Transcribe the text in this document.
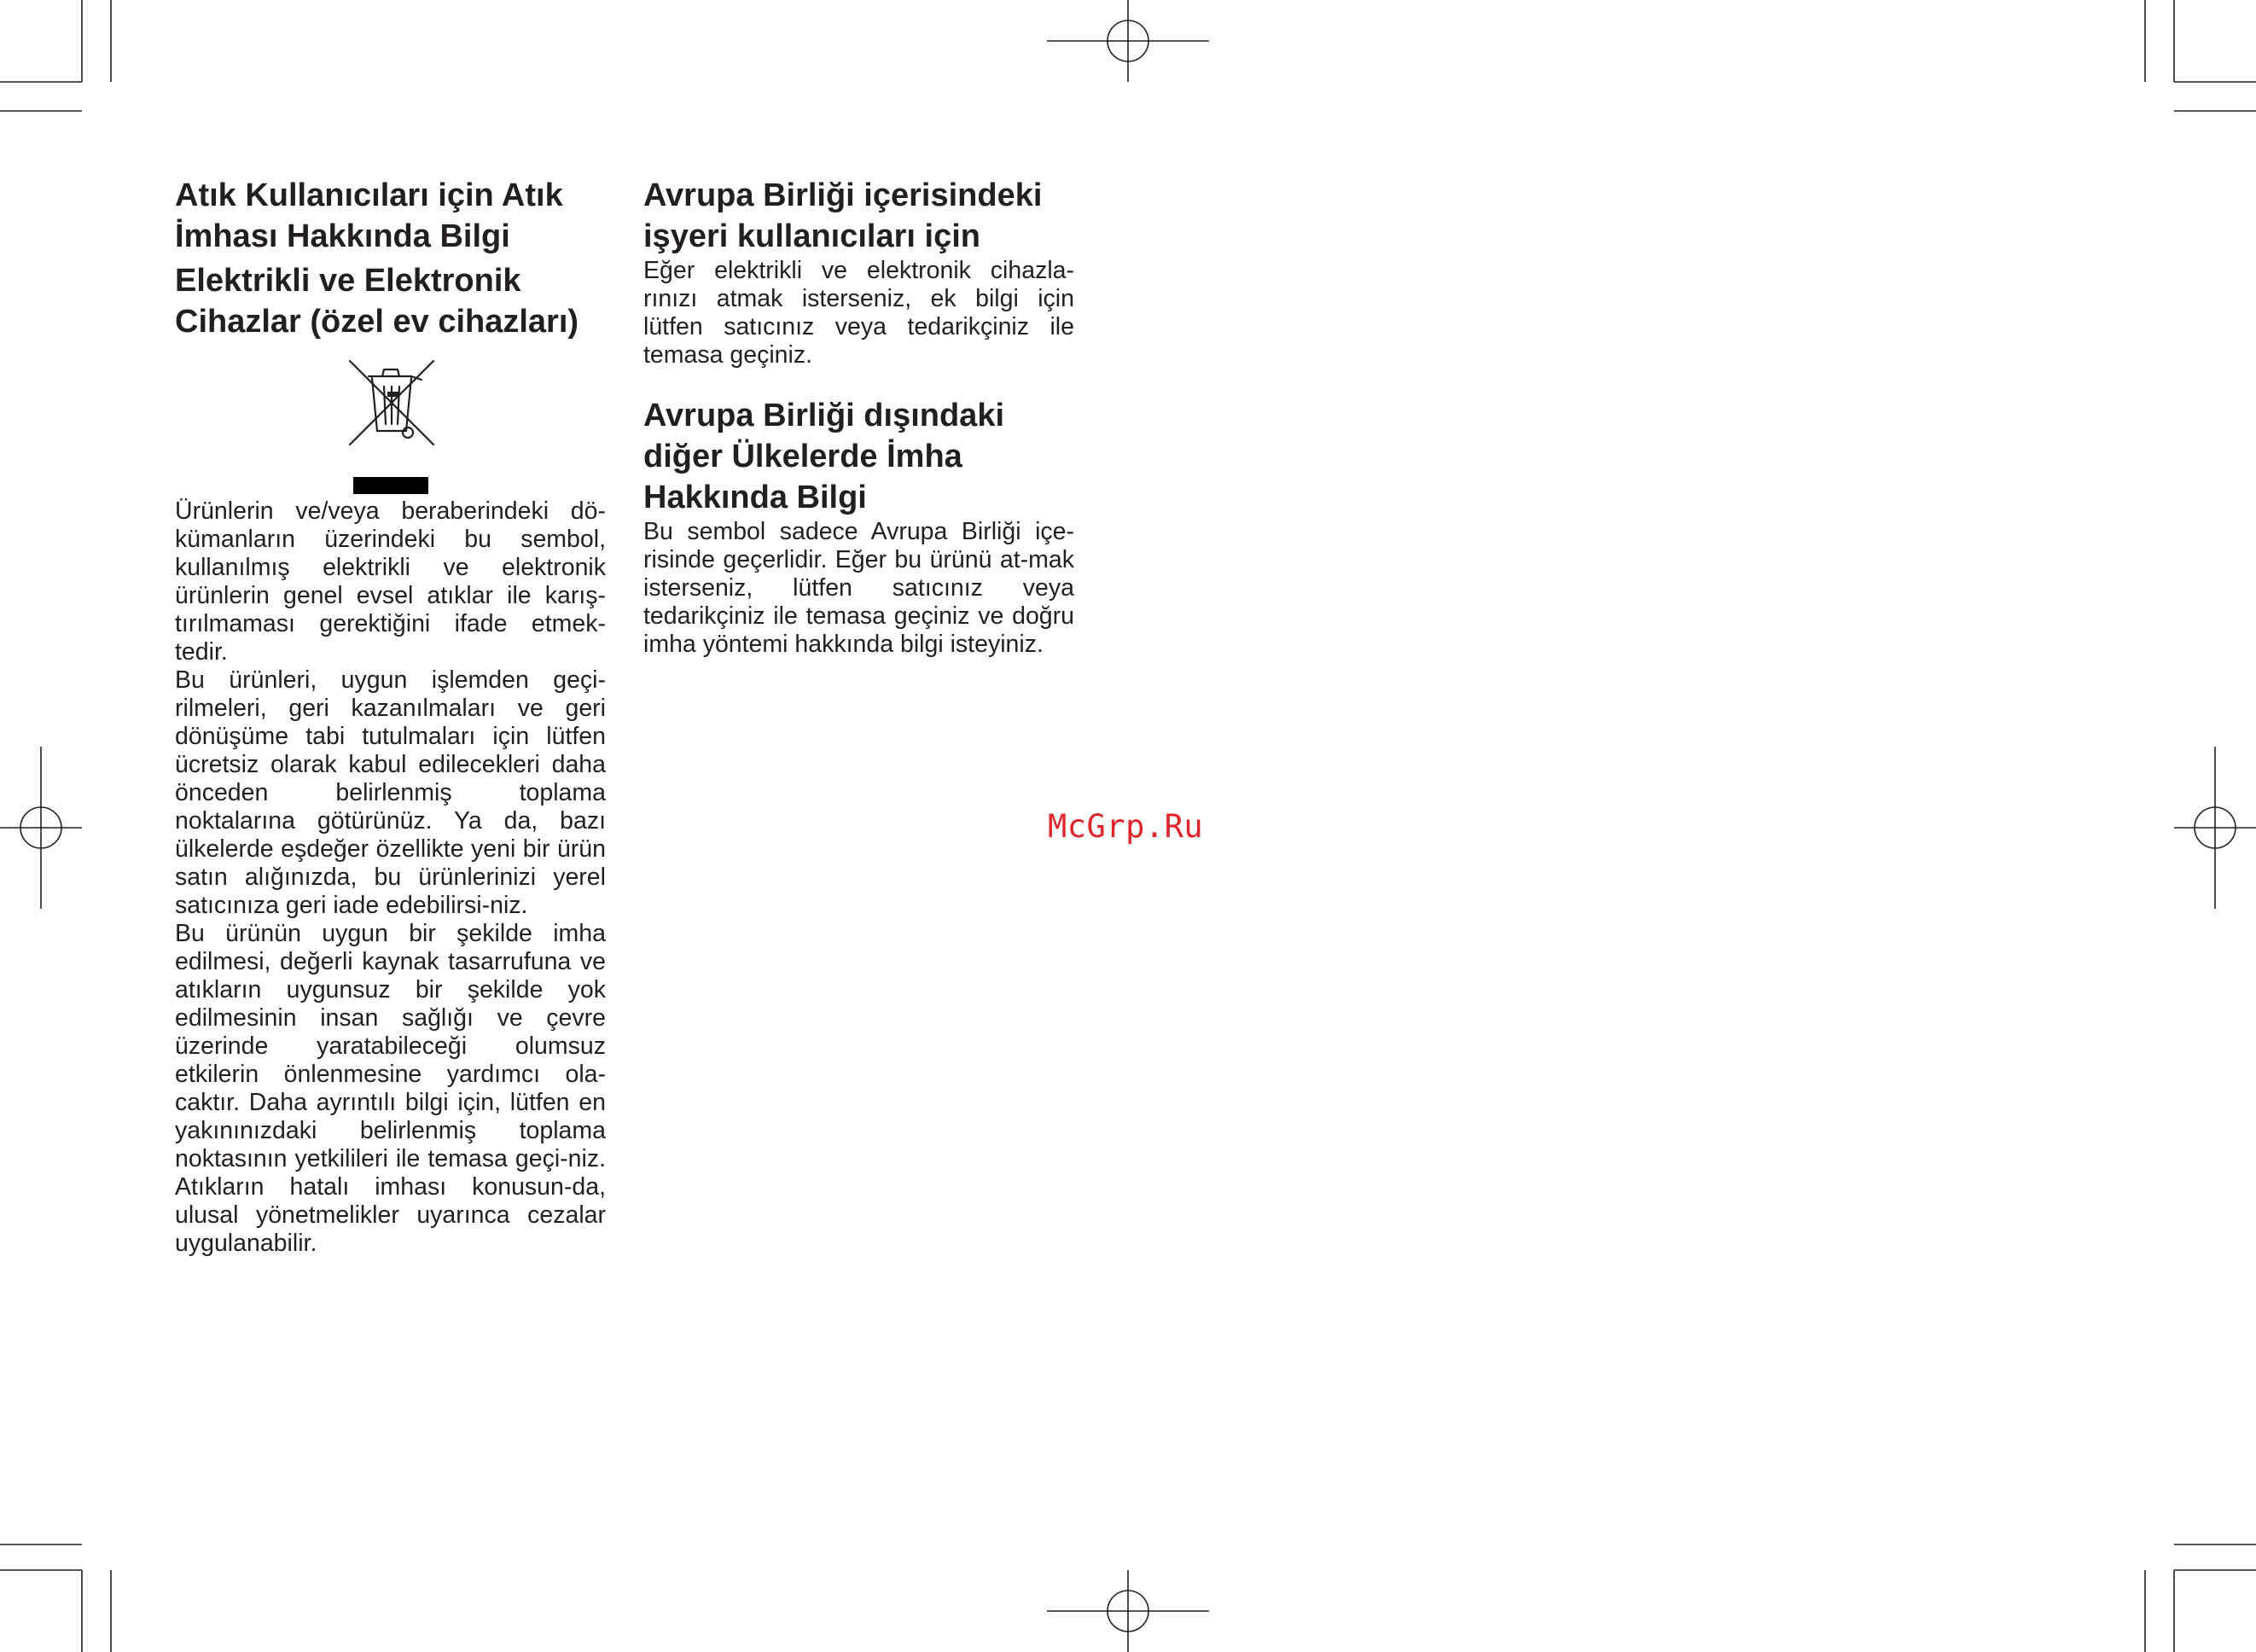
Atık Kullanıcıları için Atık İmhası Hakkında Bilgi
Elektrikli ve Elektronik Cihazlar (özel ev cihazları)

Ürünlerin ve/veya beraberindeki dö-kümanların üzerindeki bu sembol, kullanılmış elektrikli ve elektronik ürünlerin genel evsel atıklar ile karış-tırılmaması gerektiğini ifade etmek-tedir.

Bu ürünleri, uygun işlemden geçi-rilmeleri, geri kazanılmaları ve geri dönüşüme tabi tutulmaları için lütfen ücretsiz olarak kabul edilecekleri daha önceden belirlenmiş toplama noktalarına götürünüz. Ya da, bazı ülkelerde eşdeğer özellikte yeni bir ürün satın alığınızda, bu ürünlerinizi yerel satıcınıza geri iade edebilirsi-niz.

Bu ürünün uygun bir şekilde imha edilmesi, değerli kaynak tasarrufuna ve atıkların uygunsuz bir şekilde yok edilmesinin insan sağlığı ve çevre üzerinde yaratabileceği olumsuz etkilerin önlenmesine yardımcı ola-caktır. Daha ayrıntılı bilgi için, lütfen en yakınınızdaki belirlenmiş toplama noktasının yetkilileri ile temasa geçi-niz. Atıkların hatalı imhası konusun-da, ulusal yönetmelikler uyarınca cezalar uygulanabilir.

Avrupa Birliği içerisindeki işyeri kullanıcıları için

Eğer elektrikli ve elektronik cihazla-rınızı atmak isterseniz, ek bilgi için lütfen satıcınız veya tedarikçiniz ile temasa geçiniz.

Avrupa Birliği dışındaki diğer Ülkelerde İmha Hakkında Bilgi

Bu sembol sadece Avrupa Birliği içe-risinde geçerlidir. Eğer bu ürünü at-mak isterseniz, lütfen satıcınız veya tedarikçiniz ile temasa geçiniz ve doğru imha yöntemi hakkında bilgi isteyiniz.

McGrp.Ru
